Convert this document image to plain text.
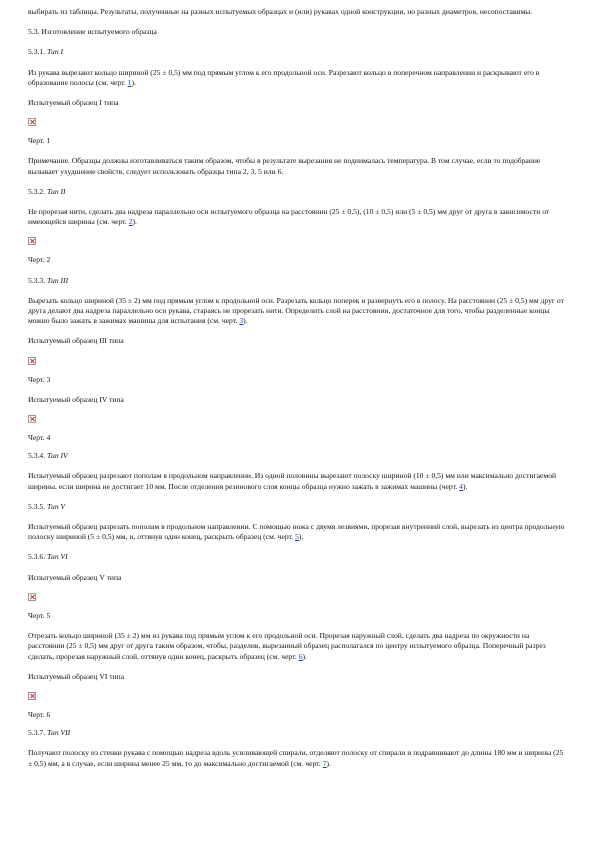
выбирать из таблицы. Результаты, полученные на разных испытуемых образцах и (или) рукавах одной конструкции, но разных диаметров, несопоставимы.

5.3. Изготовление испытуемого образца

5.3.1. Тип I

Из рукава вырезают кольцо шириной (25 ± 0,5) мм под прямым углом к его продольной оси. Разрезают кольцо в поперечном направлении и раскрывают его в образование полосы (см. черт. 1).

Испытуемый образец I типа

Черт. 1

Примечание. Образцы должны изготавливаться таким образом, чтобы в результате вырезания не поднималась температура. В том случае, если то подобрание вызывает ухудшение свойств, следует использовать образцы типа 2, 3, 5 или 6.

5.3.2. Тип II

Не прорезая нити, сделать два надреза параллельно оси испытуемого образца на расстоянии (25 ± 0,5), (10 ± 0,5) или (5 ± 0,5) мм друг от друга в зависимости от имеющейся ширины (см. черт. 2).

Черт. 2

5.3.3. Тип III

Вырезать кольцо шириной (35 ± 2) мм под прямым углом к продольной оси. Разрезать кольцо поперек и развернуть его в полосу. На расстоянии (25 ± 0,5) мм друг от друга делают два надреза параллельно оси рукава, стараясь не прорезать нити. Определить слой на расстоянии, достаточное для того, чтобы разделенные концы можно было зажать в зажимах машины для испытания (см. черт. 3).

Испытуемый образец III типа

Черт. 3

Испытуемый образец IV типа

Черт. 4

5.3.4. Тип IV

Испытуемый образец разрезают пополам в продольном направлении. Из одной половины вырезают полоску шириной (10 ± 0,5) мм или максимально достигаемой ширины, если ширина не достигает 10 мм. После отделения резинового слоя концы образца нужно зажать в зажимах машины (черт. 4).

5.3.5. Тип V

Испытуемый образец разрезать пополам в продольном направлении. С помощью ножа с двумя лезвиями, прорезая внутренний слой, вырезать из центра продольную полоску шириной (5 ± 0,5) мм, и, оттянув один конец, раскрыть образец (см. черт. 5).

5.3.6. Тип VI

Испытуемый образец V типа

Черт. 5

Отрезать кольцо шириной (35 ± 2) мм из рукава под прямым углом к его продольной оси. Прорезая наружный слой, сделать два надреза по окружности на расстоянии (25 ± 0,5) мм друг от друга таким образом, чтобы, разделив, вырезанный образец располагался по центру испытуемого образца. Поперечный разрез сделать, прорезая наружный слой, оттянув один конец, раскрыть образец (см. черт. 6).

Испытуемый образец VI типа

Черт. 6

5.3.7. Тип VII

Получают полоску из стенки рукава с помощью надреза вдоль усиливающей спирали, отделяют полоску от спирали и подравнивают до длины 180 мм и ширины (25 ± 0,5) мм, а в случае, если ширина менее 25 мм, то до максимально достигаемой (см. черт. 7).
